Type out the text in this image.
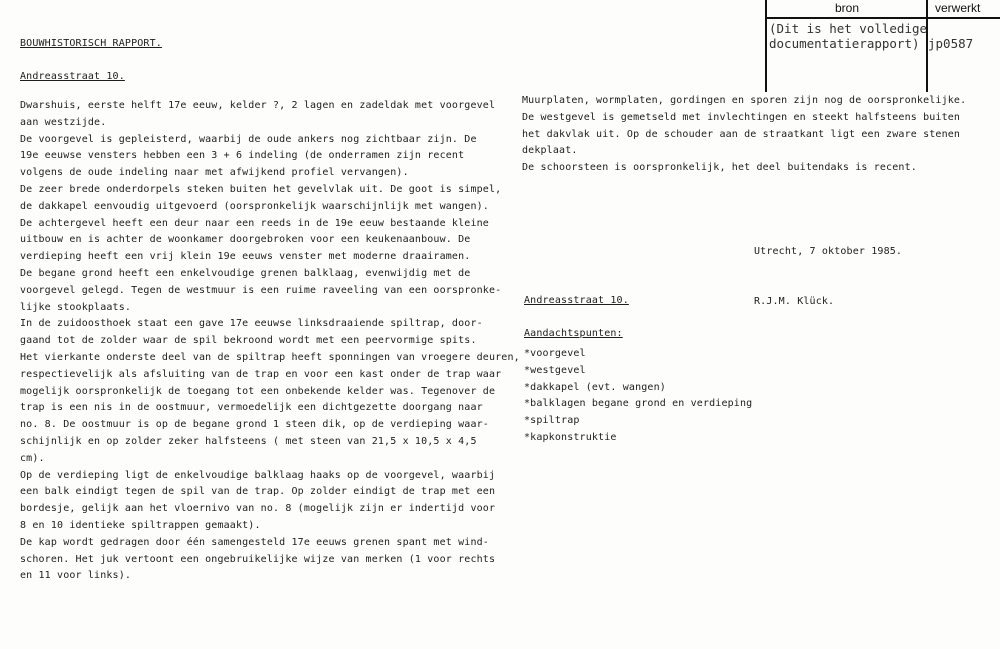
bron	verwerkt
(Dit is het volledige
documentatierapport) jp0587
BOUWHISTORISCH RAPPORT.
Andreasstraat 10.
Dwarshuis, eerste helft 17e eeuw, kelder ?, 2 lagen en zadeldak met voorgevel
aan westzijde.
De voorgevel is gepleisterd, waarbij de oude ankers nog zichtbaar zijn. De
19e eeuwse vensters hebben een 3 + 6 indeling (de onderramen zijn recent
volgens de oude indeling naar met afwijkend profiel vervangen).
De zeer brede onderdorpels steken buiten het gevelvlak uit. De goot is simpel,
de dakkapel eenvoudig uitgevoerd (oorspronkelijk waarschijnlijk met wangen).
De achtergevel heeft een deur naar een reeds in de 19e eeuw bestaande kleine
uitbouw en is achter de woonkamer doorgebroken voor een keukenaanbouw. De
verdieping heeft een vrij klein 19e eeuws venster met moderne draairamen.
De begane grond heeft een enkelvoudige grenen balklaag, evenwijdig met de
voorgevel gelegd. Tegen de westmuur is een ruime raveeling van een oorspronke-
lijke stookplaats.
In de zuidoosthoek staat een gave 17e eeuwse linksdraaiende spiltrap, door-
gaand tot de zolder waar de spil bekroond wordt met een peervormige spits.
Het vierkante onderste deel van de spiltrap heeft sponningen van vroegere deuren,
respectievelijk als afsluiting van de trap en voor een kast onder de trap waar
mogelijk oorspronkelijk de toegang tot een onbekende kelder was. Tegenover de
trap is een nis in de oostmuur, vermoedelijk een dichtgezette doorgang naar
no. 8. De oostmuur is op de begane grond 1 steen dik, op de verdieping waar-
schijnlijk en op zolder zeker halfsteens ( met steen van 21,5 x 10,5 x 4,5
cm).
Op de verdieping ligt de enkelvoudige balklaag haaks op de voorgevel, waarbij
een balk eindigt tegen de spil van de trap. Op zolder eindigt de trap met een
bordesje, gelijk aan het vloernivo van no. 8 (mogelijk zijn er indertijd voor
8 en 10 identieke spiltrappen gemaakt).
De kap wordt gedragen door één samengesteld 17e eeuws grenen spant met wind-
schoren. Het juk vertoont een ongebruikelijke wijze van merken (1 voor rechts
en 11 voor links).
Muurplaten, wormplaten, gordingen en sporen zijn nog de oorspronkelijke.
De westgevel is gemetseld met invlechtingen en steekt halfsteens buiten
het dakvlak uit. Op de schouder aan de straatkant ligt een zware stenen
dekplaat.
De schoorsteen is oorspronkelijk, het deel buitendaks is recent.

Utrecht, 7 oktober 1985.

R.J.M. Klück.

Andreasstraat 10.
Aandachtspunten:
*voorgevel
*westgevel
*dakkapel (evt. wangen)
*balklagen begane grond en verdieping
*spiltrap
*kapkonstruktie
